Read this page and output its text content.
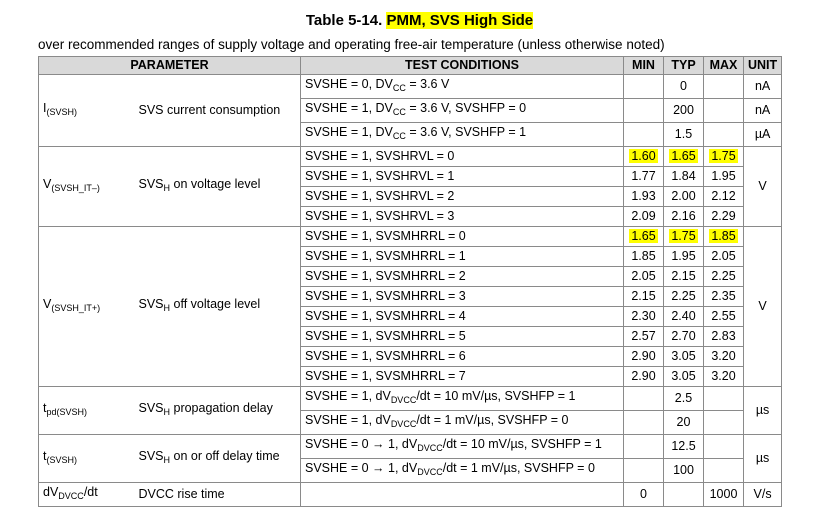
Table 5-14. PMM, SVS High Side
over recommended ranges of supply voltage and operating free-air temperature (unless otherwise noted)
PARAMETER		TEST CONDITIONS	MIN	TYP	MAX	UNIT
$I_{(SVSH)}$	SVS current consumption	SVSHE = 0, $DV_{CC} = 3.6$ V		0		nA
		SVSHE = 1, $DV_{CC} = 3.6$ V, SVSHFP = 0		200		nA
		SVSHE = 1, $DV_{CC} = 3.6$ V, SVSHFP = 1		1.5		µA
$V_{(SVSH\_IT-)}$	$SVS_H$ on voltage level	SVSHE = 1, SVSHRVL = 0	1.60	1.65	1.75	V
		SVSHE = 1, SVSHRVL = 1	1.77	1.84	1.95	
		SVSHE = 1, SVSHRVL = 2	1.93	2.00	2.12	
		SVSHE = 1, SVSHRVL = 3	2.09	2.16	2.29	
$V_{(SVSH\_IT+)}$	$SVS_H$ off voltage level	SVSHE = 1, SVSMHRRL = 0	1.65	1.75	1.85	V
		SVSHE = 1, SVSMHRRL = 1	1.85	1.95	2.05	
		SVSHE = 1, SVSMHRRL = 2	2.05	2.15	2.25	
		SVSHE = 1, SVSMHRRL = 3	2.15	2.25	2.35	
		SVSHE = 1, SVSMHRRL = 4	2.30	2.40	2.55	
		SVSHE = 1, SVSMHRRL = 5	2.57	2.70	2.83	
		SVSHE = 1, SVSMHRRL = 6	2.90	3.05	3.20	
		SVSHE = 1, SVSMHRRL = 7	2.90	3.05	3.20	
$t_{pd(SVSH)}$	$SVS_H$ propagation delay	SVSHE = 1, $dV_{DVCC}/dt = 10$ mV/µs, SVSHFP = 1		2.5		µs
		SVSHE = 1, $dV_{DVCC}/dt = 1$ mV/µs, SVSHFP = 0		20		
$t_{(SVSH)}$	$SVS_H$ on or off delay time	SVSHE = 0 → 1, $dV_{DVCC}/dt = 10$ mV/µs, SVSHFP = 1		12.5		µs
		SVSHE = 0 → 1, $dV_{DVCC}/dt = 1$ mV/µs, SVSHFP = 0		100		
$dV_{DVCC}/dt$	DVCC rise time		0		1000	V/s
